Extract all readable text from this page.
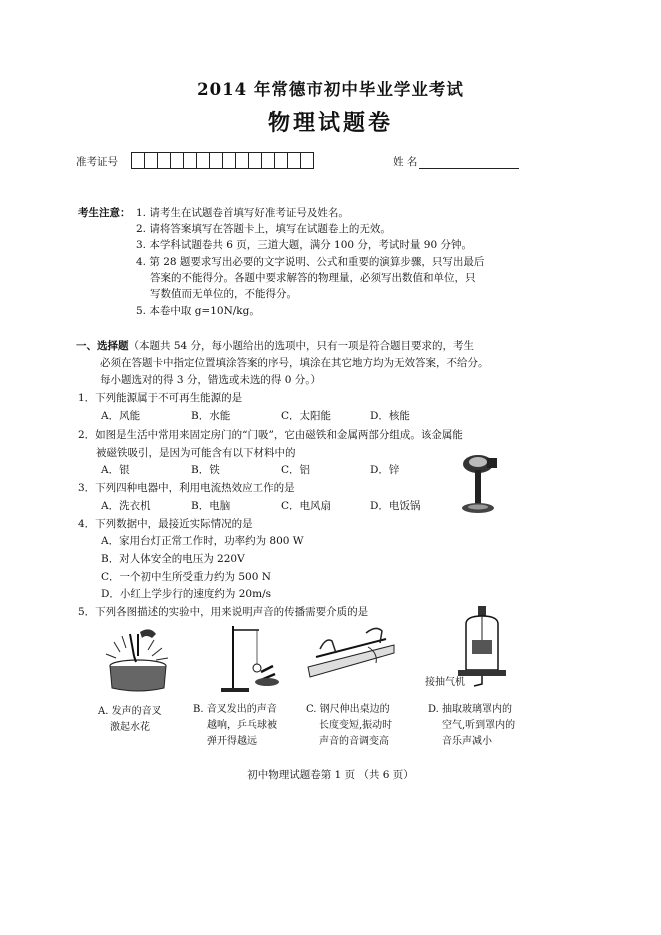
2014 年常德市初中毕业学业考试
物理试题卷
准考证号	姓 名
考生注意： 1. 请考生在试题卷首填写好准考证号及姓名。
2. 请将答案填写在答题卡上，填写在试题卷上的无效。
3. 本学科试题卷共 6 页，三道大题，满分 100 分，考试时量 90 分钟。
4. 第 28 题要求写出必要的文字说明、公式和重要的演算步骤，只写出最后
答案的不能得分。各题中要求解答的物理量，必须写出数值和单位，只
写数值而无单位的，不能得分。
5. 本卷中取 g=10N/kg。
一、选择题（本题共 54 分，每小题给出的选项中，只有一项是符合题目要求的，考生
必须在答题卡中指定位置填涂答案的序号，填涂在其它地方均为无效答案，不给分。
每小题选对的得 3 分，错选或未选的得 0 分。）
1．下列能源属于不可再生能源的是
A．风能	B．水能	C．太阳能	D．核能
2．如图是生活中常用来固定房门的“门吸”，它由磁铁和金属两部分组成。该金属能
被磁铁吸引，是因为可能含有以下材料中的
A．银	B．铁	C．铝	D．锌
3．下列四种电器中，利用电流热效应工作的是
A．洗衣机	B．电脑	C．电风扇	D．电饭锅
4．下列数据中，最接近实际情况的是
A．家用台灯正常工作时，功率约为 800 W
B．对人体安全的电压为 220V
C．一个初中生所受重力约为 500 N
D．小红上学步行的速度约为 20m/s
5．下列各图描述的实验中，用来说明声音的传播需要介质的是
接抽气机
A. 发声的音叉
激起水花
B. 音叉发出的声音
越响，乒乓球被
弹开得越远
C. 钢尺伸出桌边的
长度变短,振动时
声音的音调变高
D. 抽取玻璃罩内的
空气,听到罩内的
音乐声减小
初中物理试题卷第 1 页 （共 6 页）
